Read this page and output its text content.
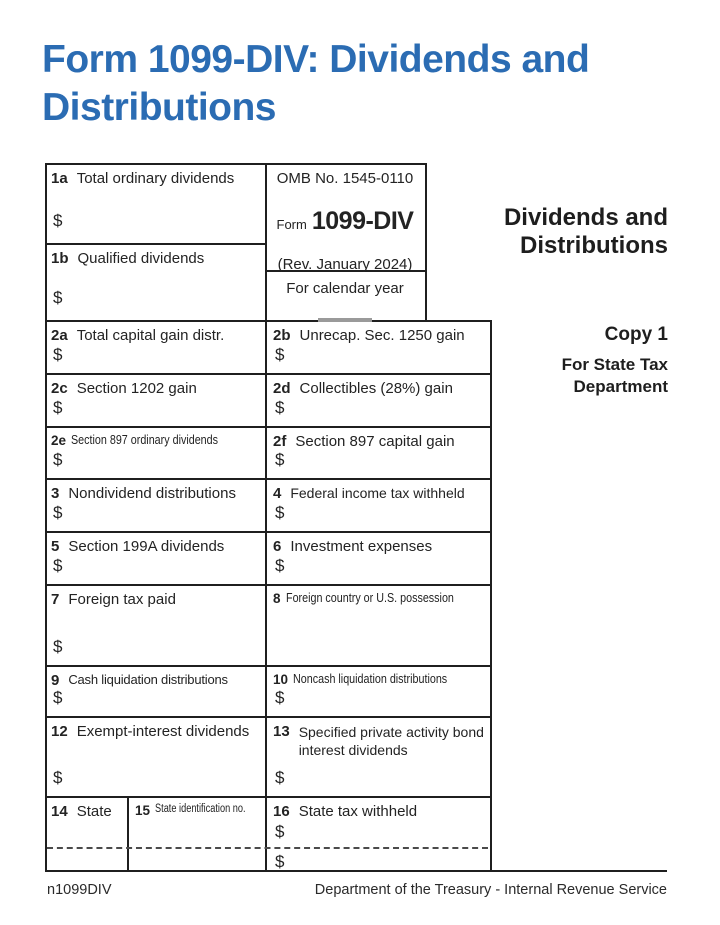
Form 1099-DIV: Dividends and
Distributions
1a Total ordinary dividends
$
1b Qualified dividends
$
OMB No. 1545-0110
Form 1099-DIV
(Rev. January 2024)
For calendar year
Dividends and
Distributions
Copy 1
For State Tax
Department
2a Total capital gain distr.
$
2b Unrecap. Sec. 1250 gain
$
2c Section 1202 gain
$
2d Collectibles (28%) gain
$
2e Section 897 ordinary dividends
$
2f Section 897 capital gain
$
3 Nondividend distributions
$
4 Federal income tax withheld
$
5 Section 199A dividends
$
6 Investment expenses
$
7 Foreign tax paid
$
8 Foreign country or U.S. possession
9 Cash liquidation distributions
$
10 Noncash liquidation distributions
$
12 Exempt-interest dividends
$
13 Specified private activity bond interest dividends
$
14 State 15 State identification no. 16 State tax withheld
$
$
n1099DIV	Department of the Treasury - Internal Revenue Service
